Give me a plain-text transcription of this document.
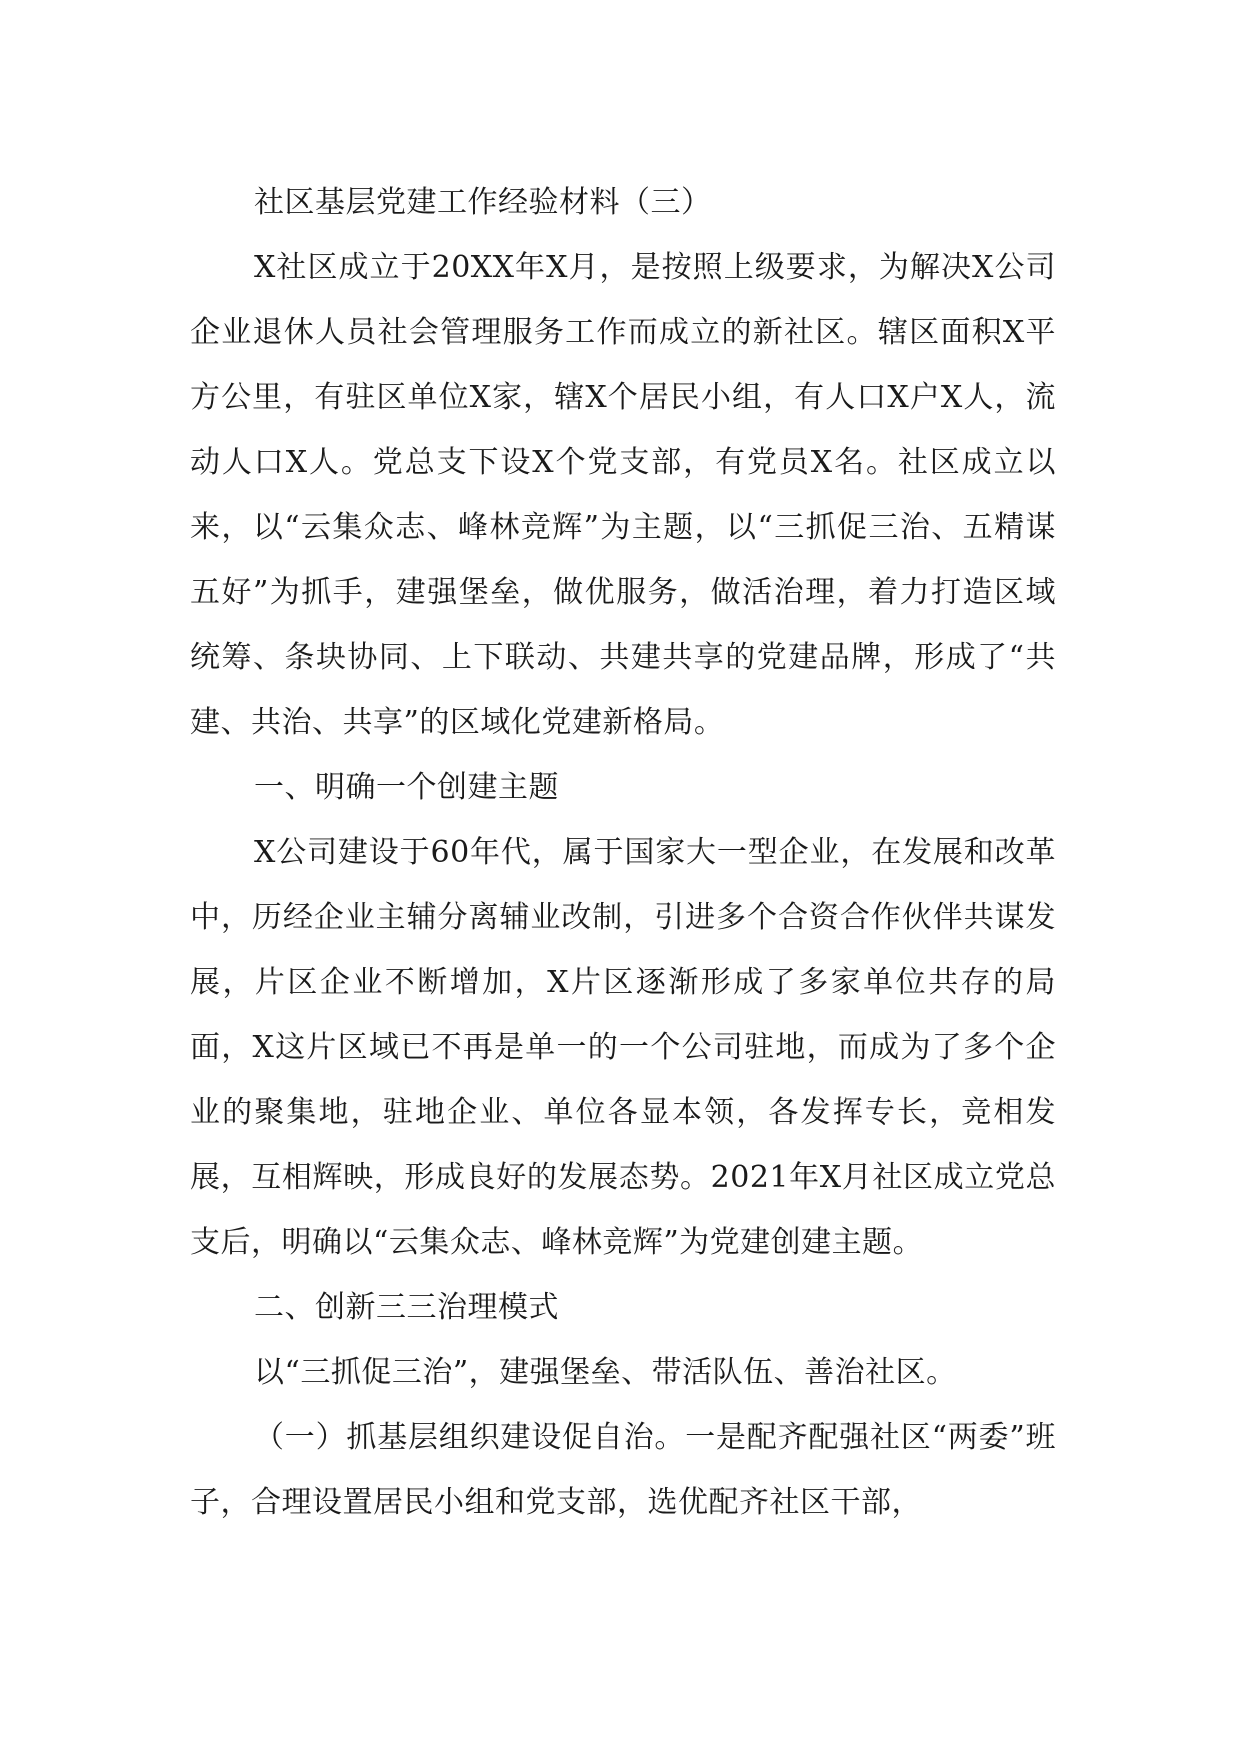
社区基层党建工作经验材料（三）

X社区成立于20XX年X月，是按照上级要求，为解决X公司企业退休人员社会管理服务工作而成立的新社区。辖区面积X平方公里，有驻区单位X家，辖X个居民小组，有人口X户X人，流动人口X人。党总支下设X个党支部，有党员X名。社区成立以来，以“云集众志、峰林竞辉”为主题，以“三抓促三治、五精谋五好”为抓手，建强堡垒，做优服务，做活治理，着力打造区域统筹、条块协同、上下联动、共建共享的党建品牌，形成了“共建、共治、共享”的区域化党建新格局。

一、明确一个创建主题

X公司建设于60年代，属于国家大一型企业，在发展和改革中，历经企业主辅分离辅业改制，引进多个合资合作伙伴共谋发展，片区企业不断增加，X片区逐渐形成了多家单位共存的局面，X这片区域已不再是单一的一个公司驻地，而成为了多个企业的聚集地，驻地企业、单位各显本领，各发挥专长，竞相发展，互相辉映，形成良好的发展态势。2021年X月社区成立党总支后，明确以“云集众志、峰林竞辉”为党建创建主题。

二、创新三三治理模式

以“三抓促三治”，建强堡垒、带活队伍、善治社区。

（一）抓基层组织建设促自治。一是配齐配强社区“两委”班子，合理设置居民小组和党支部，选优配齐社区干部，
